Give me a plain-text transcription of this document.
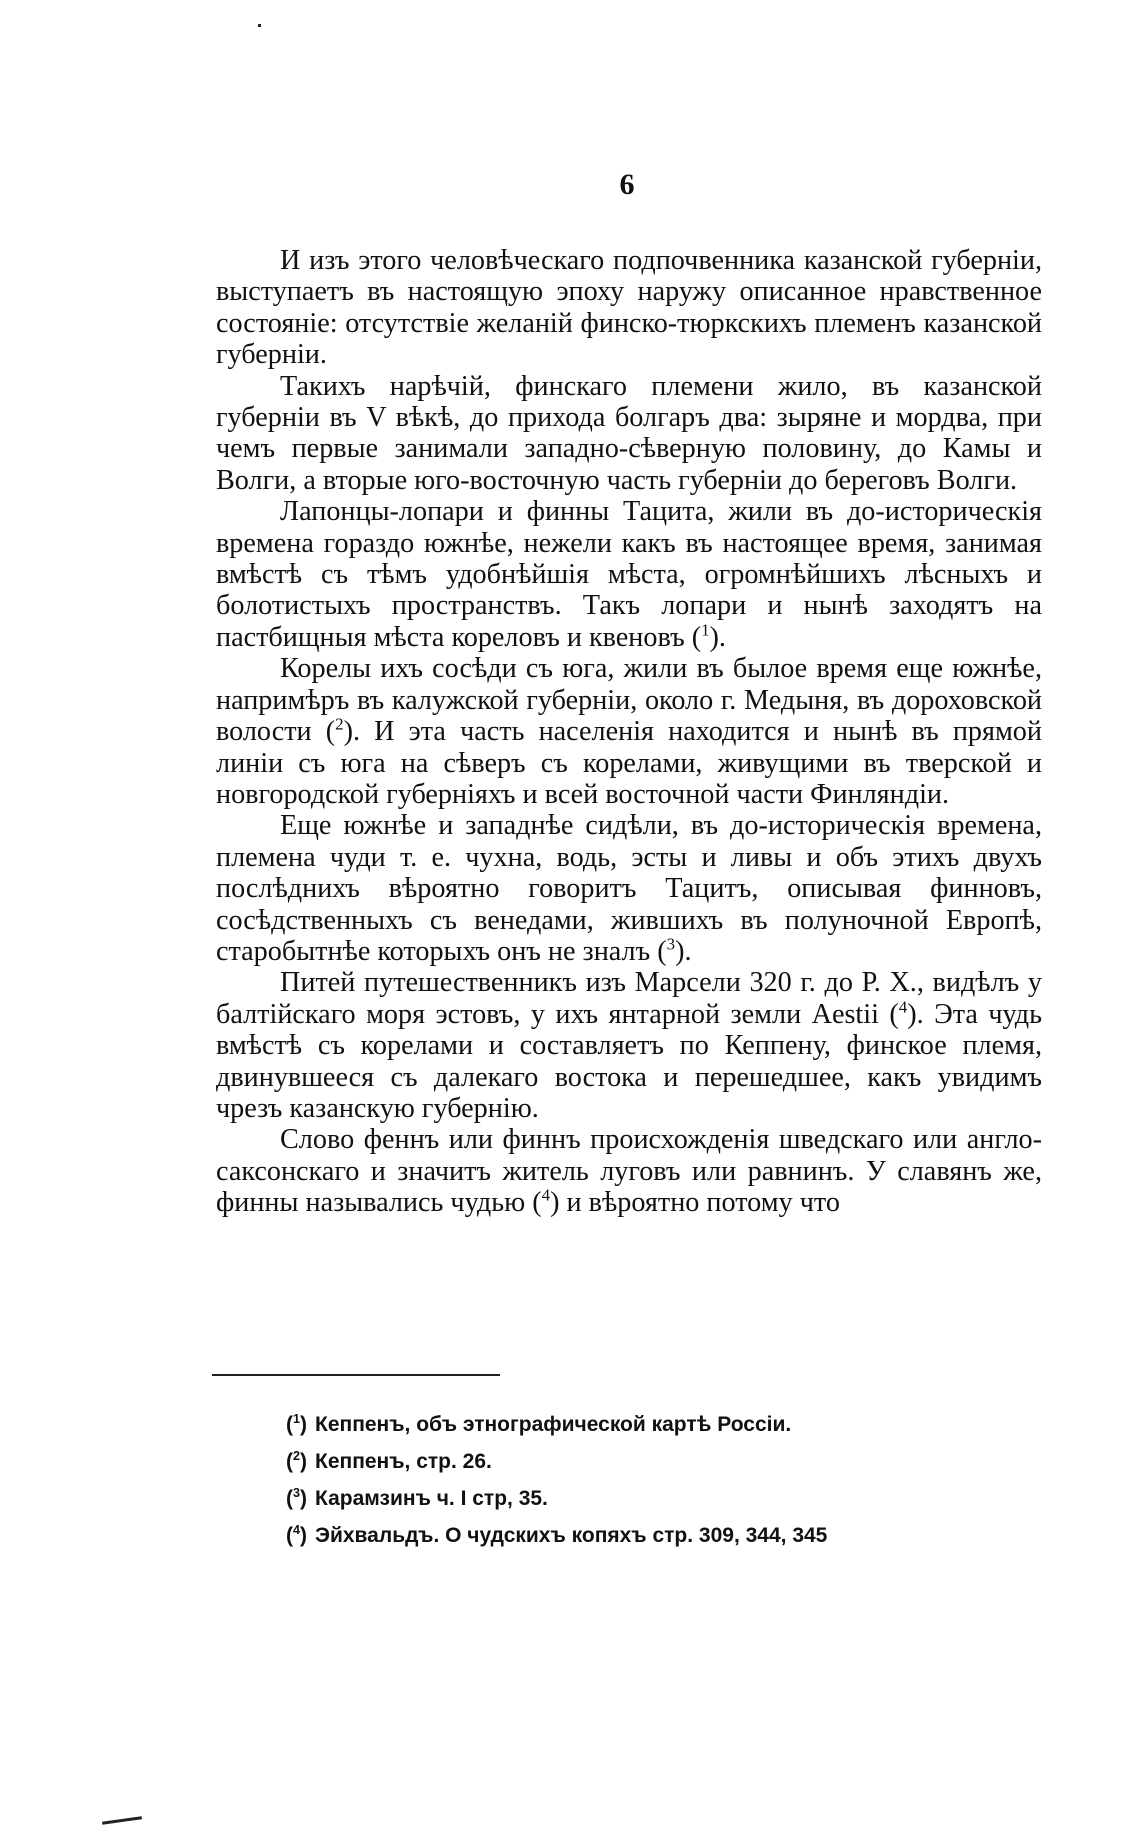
6

И изъ этого человѣческаго подпочвенника казанской губерніи, выступаетъ въ настоящую эпоху наружу описанное нравственное состояніе: отсутствіе желаній финско-тюркскихъ племенъ казанской губерніи.

Такихъ нарѣчій, финскаго племени жило, въ казанской губерніи въ V вѣкѣ, до прихода болгаръ два: зыряне и мордва, при чемъ первые занимали западно-сѣверную половину, до Камы и Волги, а вторые юго-восточную часть губерніи до береговъ Волги.

Лапонцы-лопари и финны Тацита, жили въ до-историческія времена гораздо южнѣе, нежели какъ въ настоящее время, занимая вмѣстѣ съ тѣмъ удобнѣйшія мѣста, огромнѣйшихъ лѣсныхъ и болотистыхъ пространствъ. Такъ лопари и нынѣ заходятъ на пастбищныя мѣста кореловъ и квеновъ ($^1$).

Корелы ихъ сосѣди съ юга, жили въ былое время еще южнѣе, напримѣръ въ калужской губерніи, около г. Медыня, въ дороховской волости ($^2$). И эта часть населенія находится и нынѣ въ прямой линіи съ юга на сѣверъ съ корелами, живущими въ тверской и новгородской губерніяхъ и всей восточной части Финляндіи.

Еще южнѣе и западнѣе сидѣли, въ до-историческія времена, племена чуди т. е. чухна, водь, эсты и ливы и объ этихъ двухъ послѣднихъ вѣроятно говоритъ Тацитъ, описывая финновъ, сосѣдственныхъ съ венедами, жившихъ въ полуночной Европѣ, старобытнѣе которыхъ онъ не зналъ ($^3$).

Питей путешественникъ изъ Марсели 320 г. до Р. Х., видѣлъ у балтійскаго моря эстовъ, у ихъ янтарной земли Aestii ($^4$). Эта чудь вмѣстѣ съ корелами и составляетъ по Кеппену, финское племя, двинувшееся съ далекаго востока и перешедшее, какъ увидимъ чрезъ казанскую губернію.

Слово феннъ или финнъ происхожденія шведскаго или англо-саксонскаго и значитъ житель луговъ или равнинъ. У славянъ же, финны назывались чудью ($^4$) и вѣроятно потому что

($^1$) Кеппенъ, объ этнографической картѣ Россіи.
($^2$) Кеппенъ, стр. 26.
($^3$) Карамзинъ ч. I стр, 35.
($^4$) Эйхвальдъ. О чудскихъ копяхъ стр. 309, 344, 345
